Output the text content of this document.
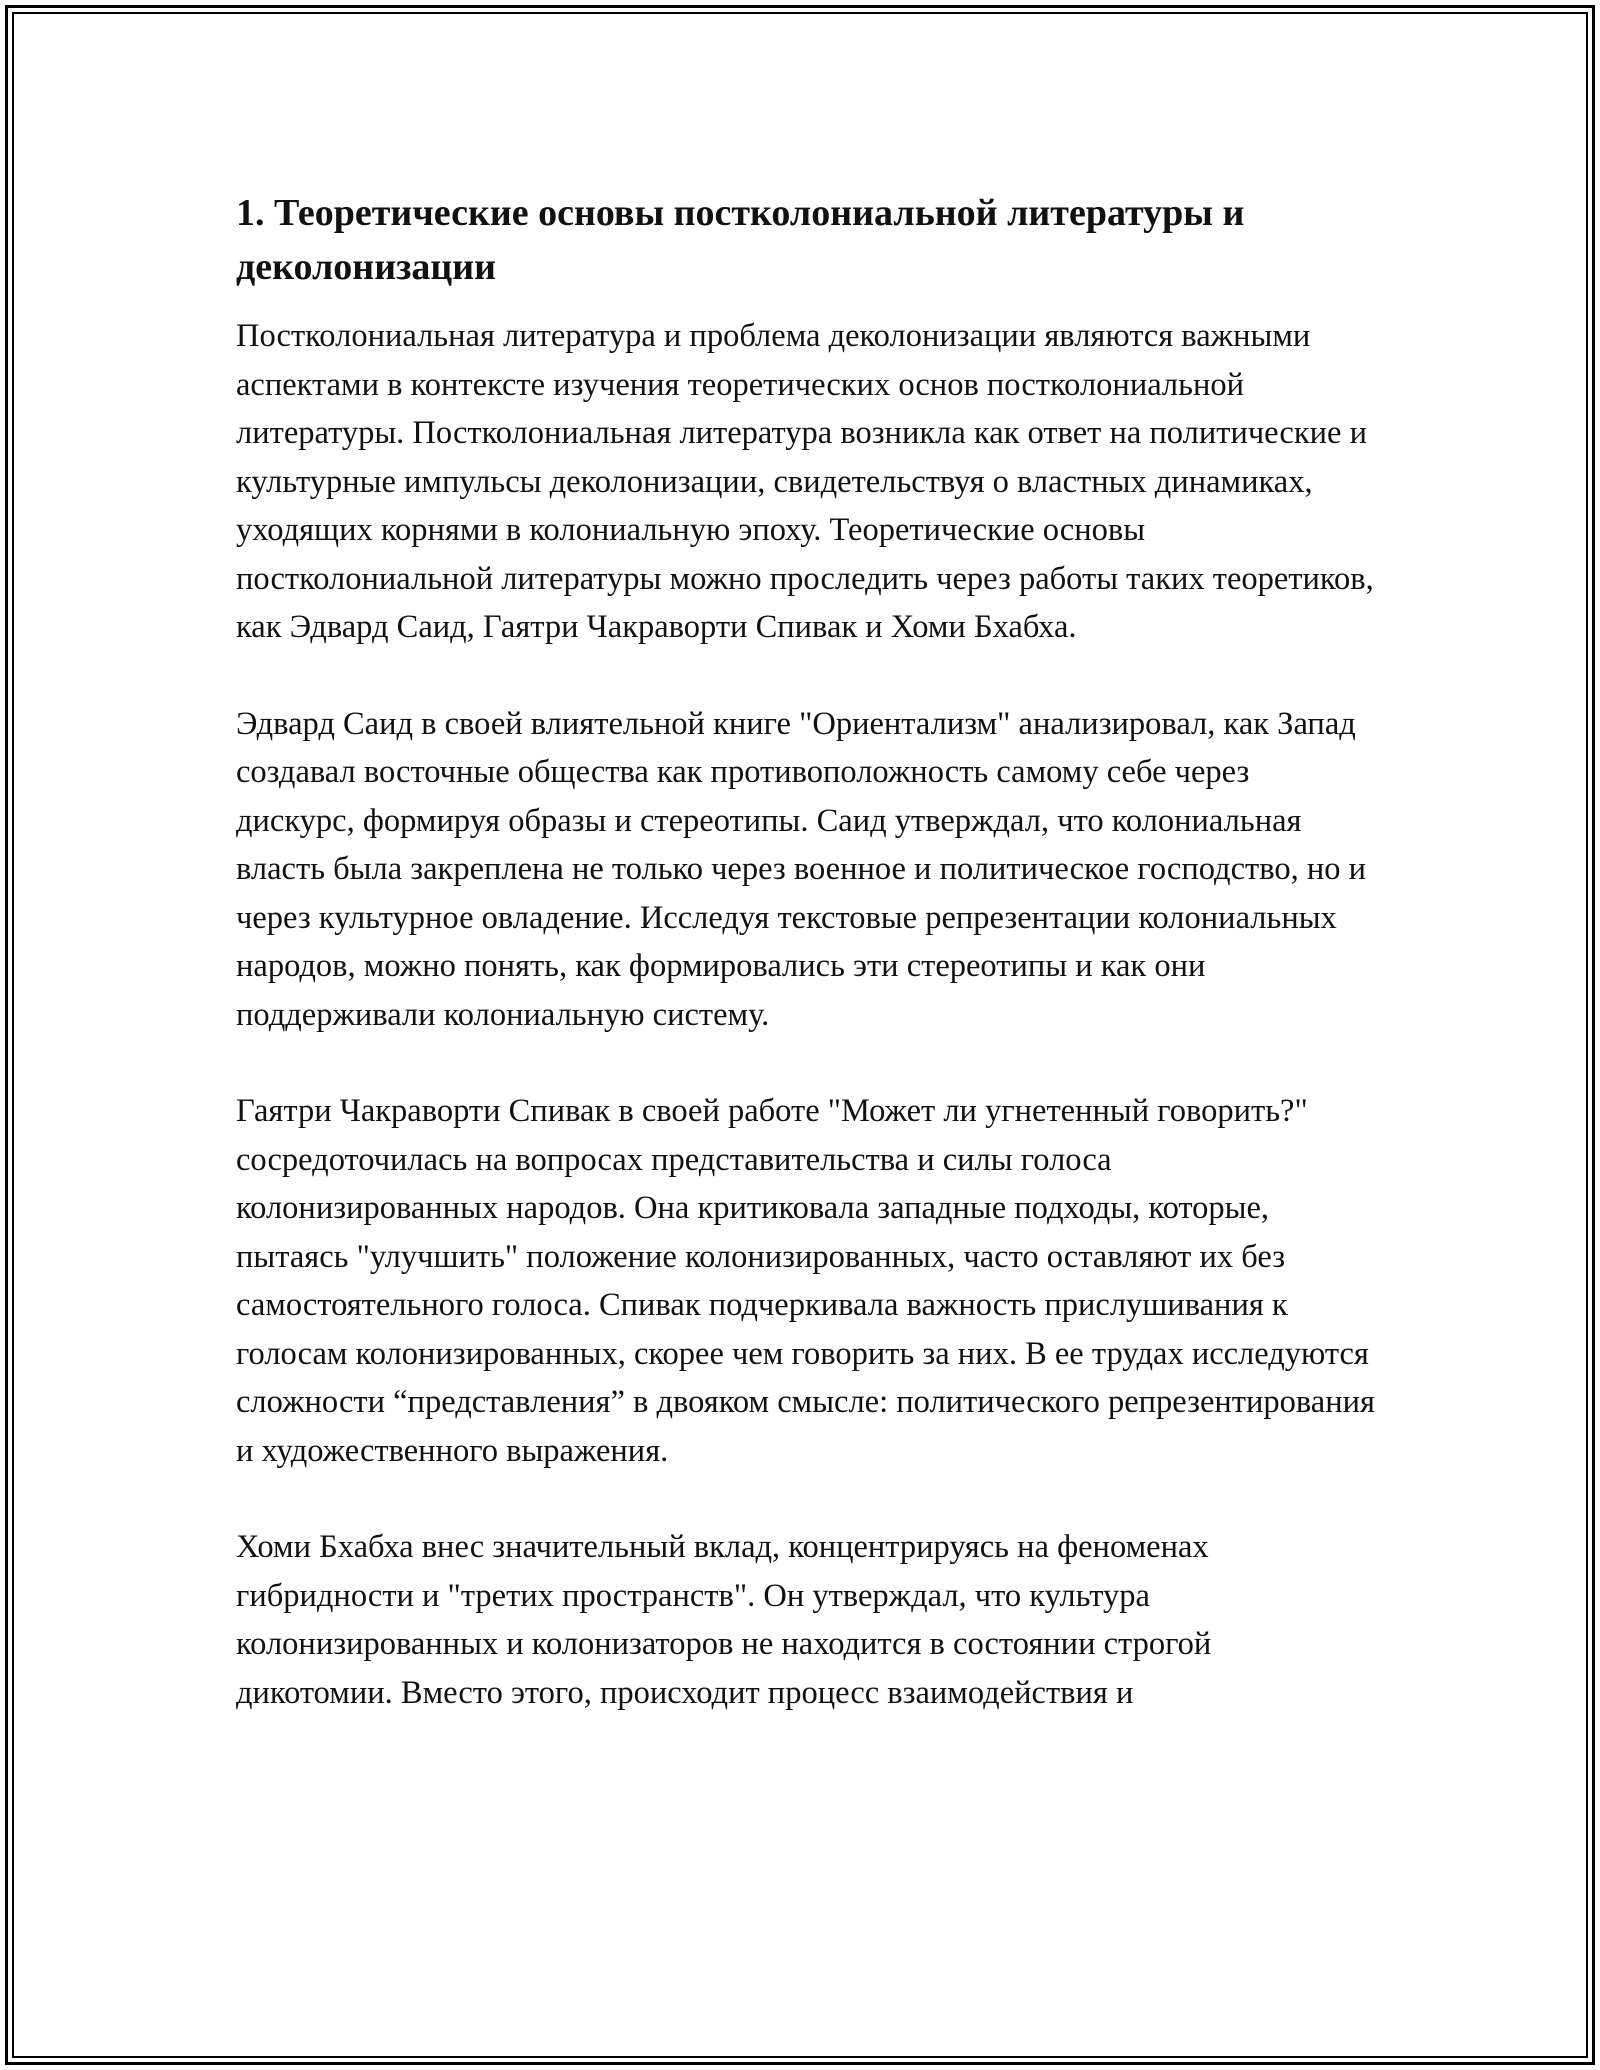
1. Теоретические основы постколониальной литературы и деколонизации

Постколониальная литература и проблема деколонизации являются важными аспектами в контексте изучения теоретических основ постколониальной литературы. Постколониальная литература возникла как ответ на политические и культурные импульсы деколонизации, свидетельствуя о властных динамиках, уходящих корнями в колониальную эпоху. Теоретические основы постколониальной литературы можно проследить через работы таких теоретиков, как Эдвард Саид, Гаятри Чакраворти Спивак и Хоми Бхабха.

Эдвард Саид в своей влиятельной книге "Ориентализм" анализировал, как Запад создавал восточные общества как противоположность самому себе через дискурс, формируя образы и стереотипы. Саид утверждал, что колониальная власть была закреплена не только через военное и политическое господство, но и через культурное овладение. Исследуя текстовые репрезентации колониальных народов, можно понять, как формировались эти стереотипы и как они поддерживали колониальную систему.

Гаятри Чакраворти Спивак в своей работе "Может ли угнетенный говорить?" сосредоточилась на вопросах представительства и силы голоса колонизированных народов. Она критиковала западные подходы, которые, пытаясь "улучшить" положение колонизированных, часто оставляют их без самостоятельного голоса. Спивак подчеркивала важность прислушивания к голосам колонизированных, скорее чем говорить за них. В ее трудах исследуются сложности “представления” в двояком смысле: политического репрезентирования и художественного выражения.

Хоми Бхабха внес значительный вклад, концентрируясь на феноменах гибридности и "третих пространств". Он утверждал, что культура колонизированных и колонизаторов не находится в состоянии строгой дикотомии. Вместо этого, происходит процесс взаимодействия и
